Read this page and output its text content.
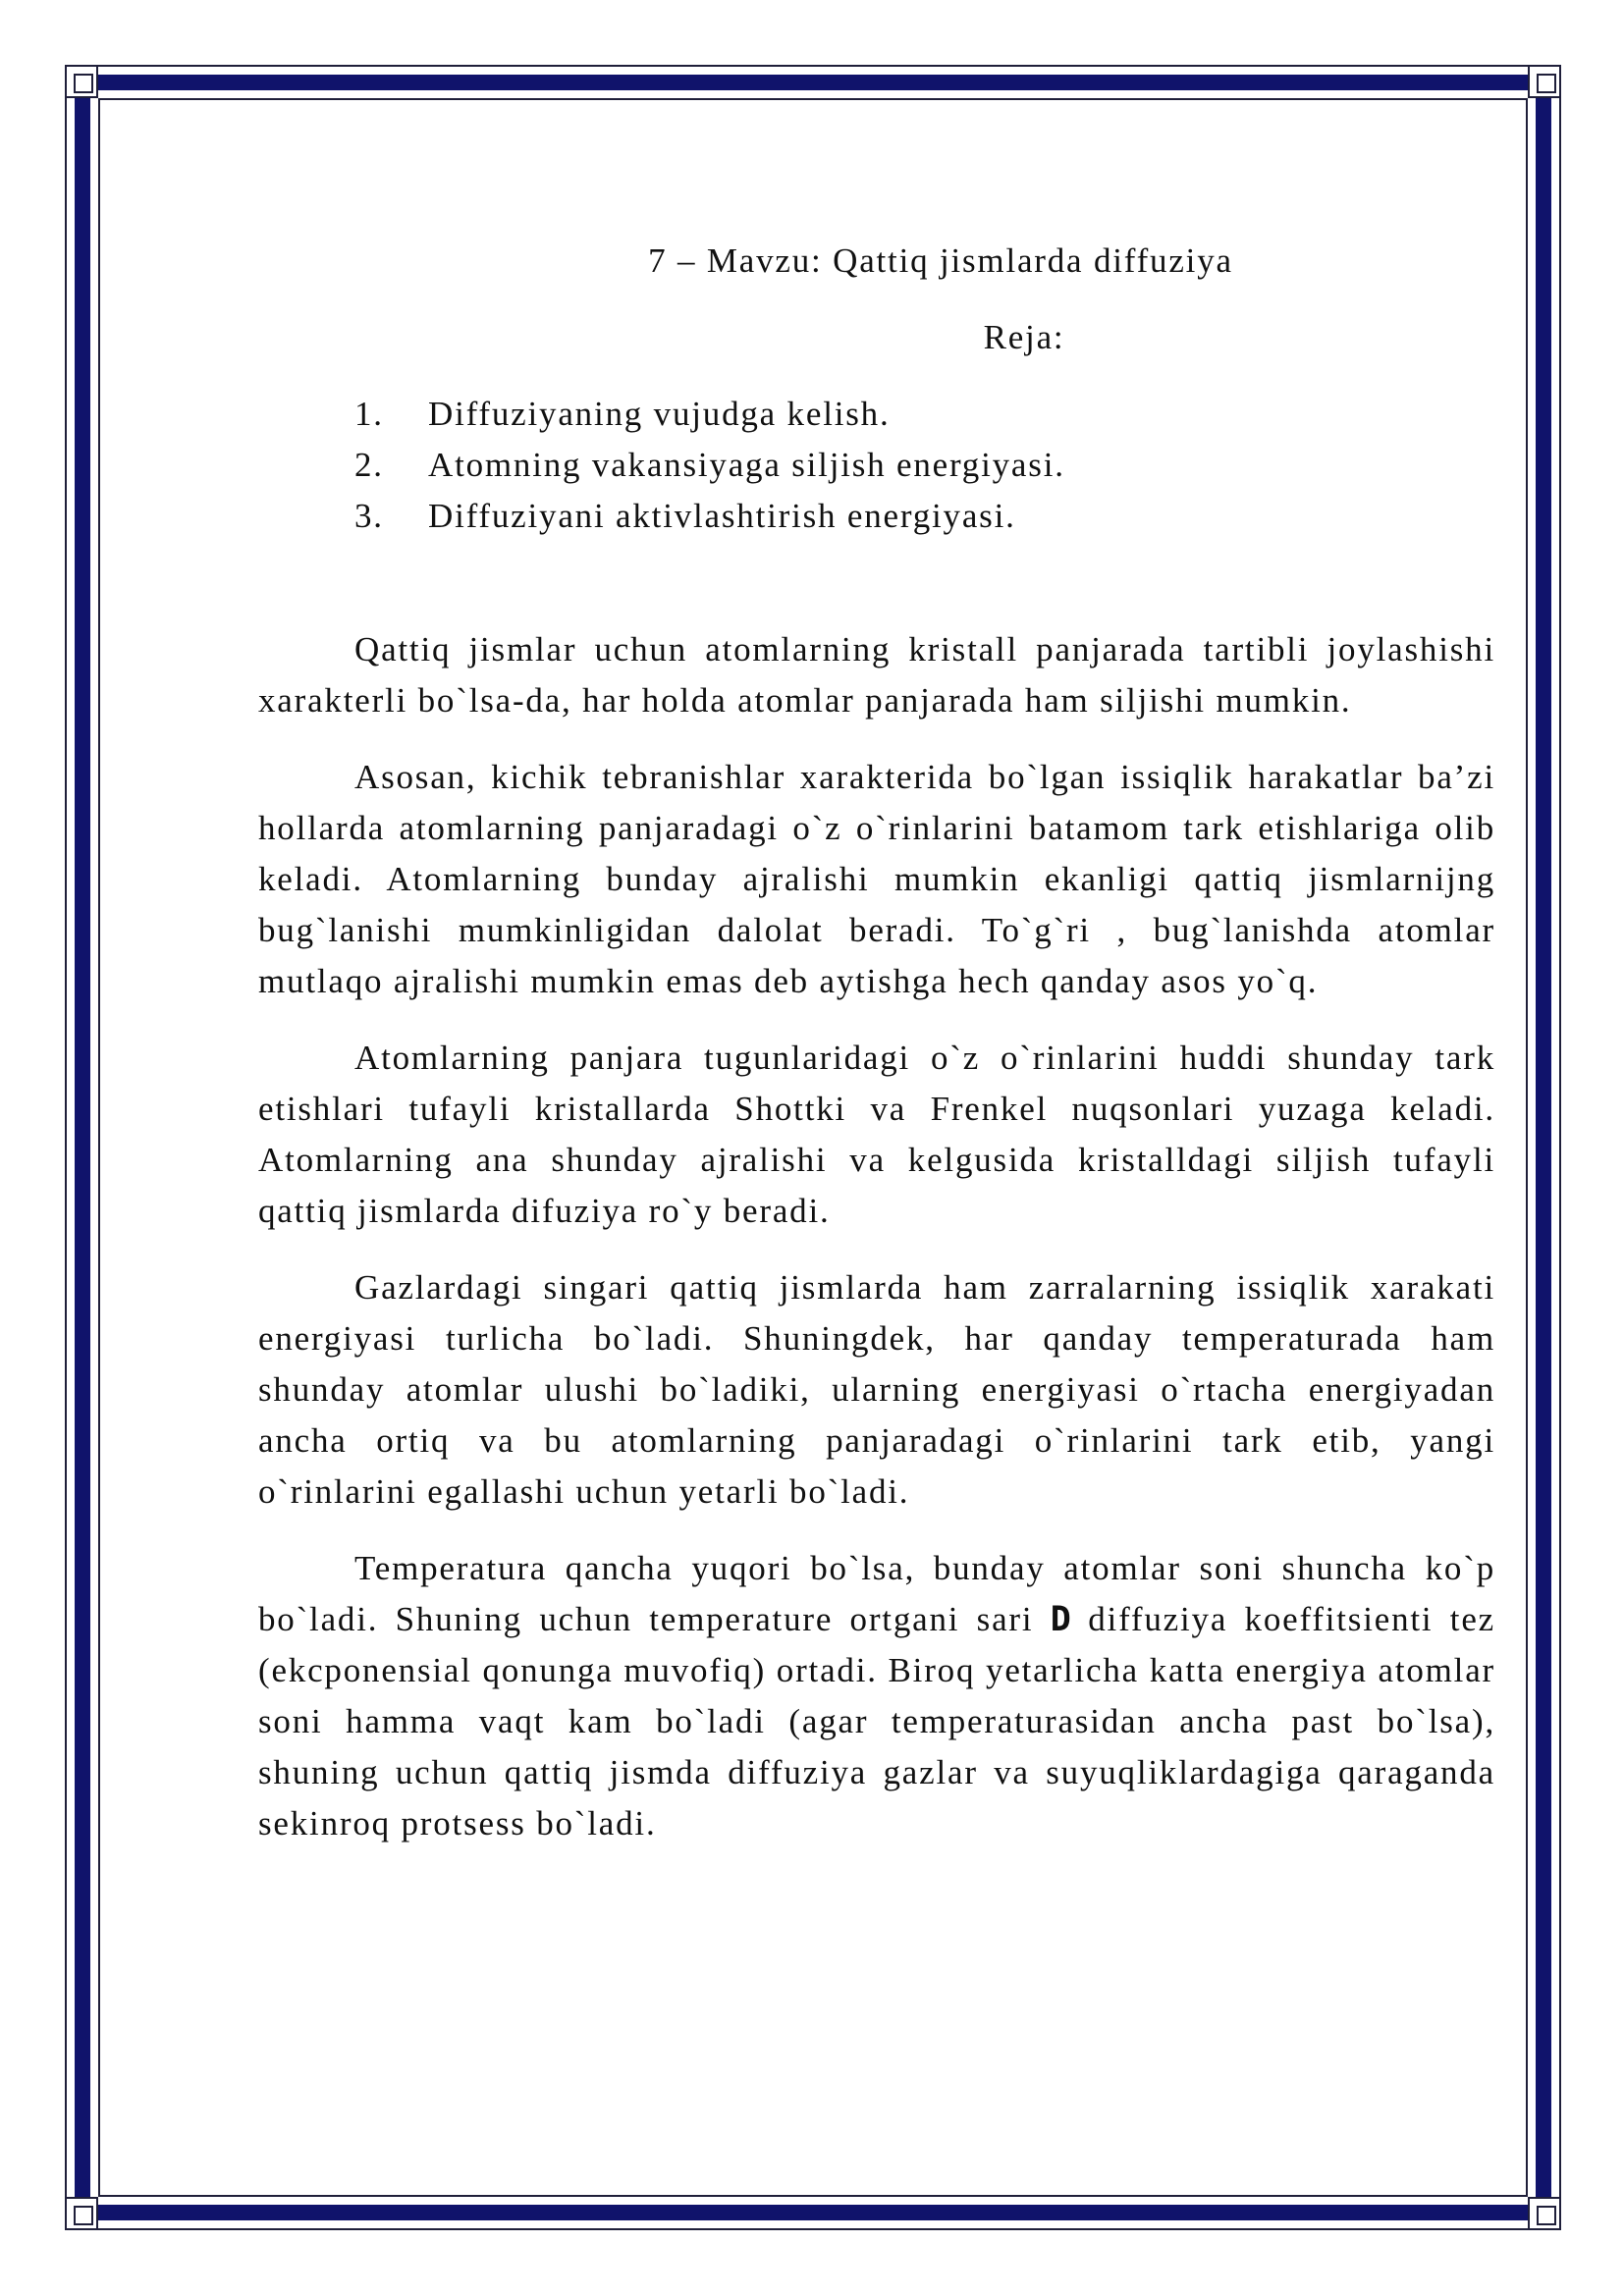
7 – Mavzu: Qattiq jismlarda diffuziya

Reja:

1.	Diffuziyaning vujudga kelish.
2.	Atomning vakansiyaga siljish energiyasi.
3.	Diffuziyani aktivlashtirish energiyasi.

Qattiq jismlar uchun atomlarning kristall panjarada tartibli joylashishi xarakterli bo`lsa-da, har holda atomlar panjarada ham siljishi mumkin.

Asosan, kichik tebranishlar xarakterida bo`lgan issiqlik harakatlar ba’zi hollarda atomlarning panjaradagi o`z o`rinlarini batamom tark etishlariga olib keladi. Atomlarning bunday ajralishi mumkin ekanligi qattiq jismlarnijng bug`lanishi mumkinligidan dalolat beradi. To`g`ri , bug`lanishda atomlar mutlaqo ajralishi mumkin emas deb aytishga hech qanday asos yo`q.

Atomlarning panjara tugunlaridagi o`z o`rinlarini huddi shunday tark etishlari tufayli kristallarda Shottki va Frenkel nuqsonlari yuzaga keladi. Atomlarning ana shunday ajralishi va kelgusida kristalldagi siljish tufayli qattiq jismlarda difuziya ro`y beradi.

Gazlardagi singari qattiq jismlarda ham zarralarning issiqlik xarakati energiyasi turlicha bo`ladi. Shuningdek, har qanday temperaturada ham shunday atomlar ulushi bo`ladiki, ularning energiyasi o`rtacha energiyadan ancha ortiq va bu atomlarning panjaradagi o`rinlarini tark etib, yangi o`rinlarini egallashi uchun yetarli bo`ladi.

Temperatura qancha yuqori bo`lsa, bunday atomlar soni shuncha ko`p bo`ladi. Shuning uchun temperature ortgani sari D diffuziya koeffitsienti tez (ekcponensial qonunga muvofiq) ortadi. Biroq yetarlicha katta energiya atomlar soni hamma vaqt kam bo`ladi (agar temperaturasidan ancha past bo`lsa), shuning uchun qattiq jismda diffuziya gazlar va suyuqliklardagiga qaraganda sekinroq protsess bo`ladi.
